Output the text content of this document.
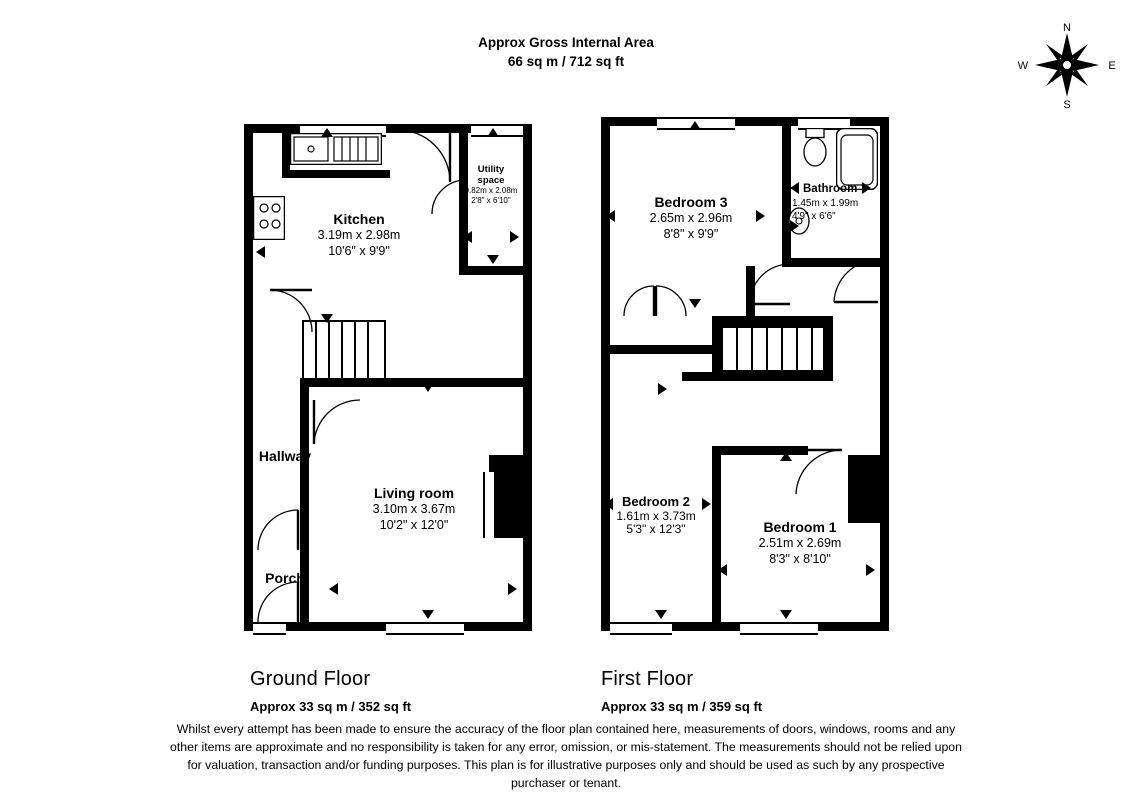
Approx Gross Internal Area
66 sq m / 712 sq ft
N
E
S
W
Kitchen
3.19m x 2.98m
10'6" x 9'9"
Utility
space
0.82m x 2.08m
2'8" x 6'10"
Hallway
Porch
Living room
3.10m x 3.67m
10'2" x 12'0"
Ground Floor
Approx 33 sq m / 352 sq ft
Bedroom 3
2.65m x 2.96m
8'8" x 9'9"
Bathroom
1.45m x 1.99m
4'9" x 6'6"
Bedroom 2
1.61m x 3.73m
5'3" x 12'3"	Bedroom 1
2.51m x 2.69m
8'3" x 8'10"
First Floor
Approx 33 sq m / 359 sq ft
Whilst every attempt has been made to ensure the accuracy of the floor plan contained here, measurements of doors, windows, rooms and any other items are approximate and no responsibility is taken for any error, omission, or mis-statement. The measurements should not be relied upon for valuation, transaction and/or funding purposes. This plan is for illustrative purposes only and should be used as such by any prospective purchaser or tenant.
